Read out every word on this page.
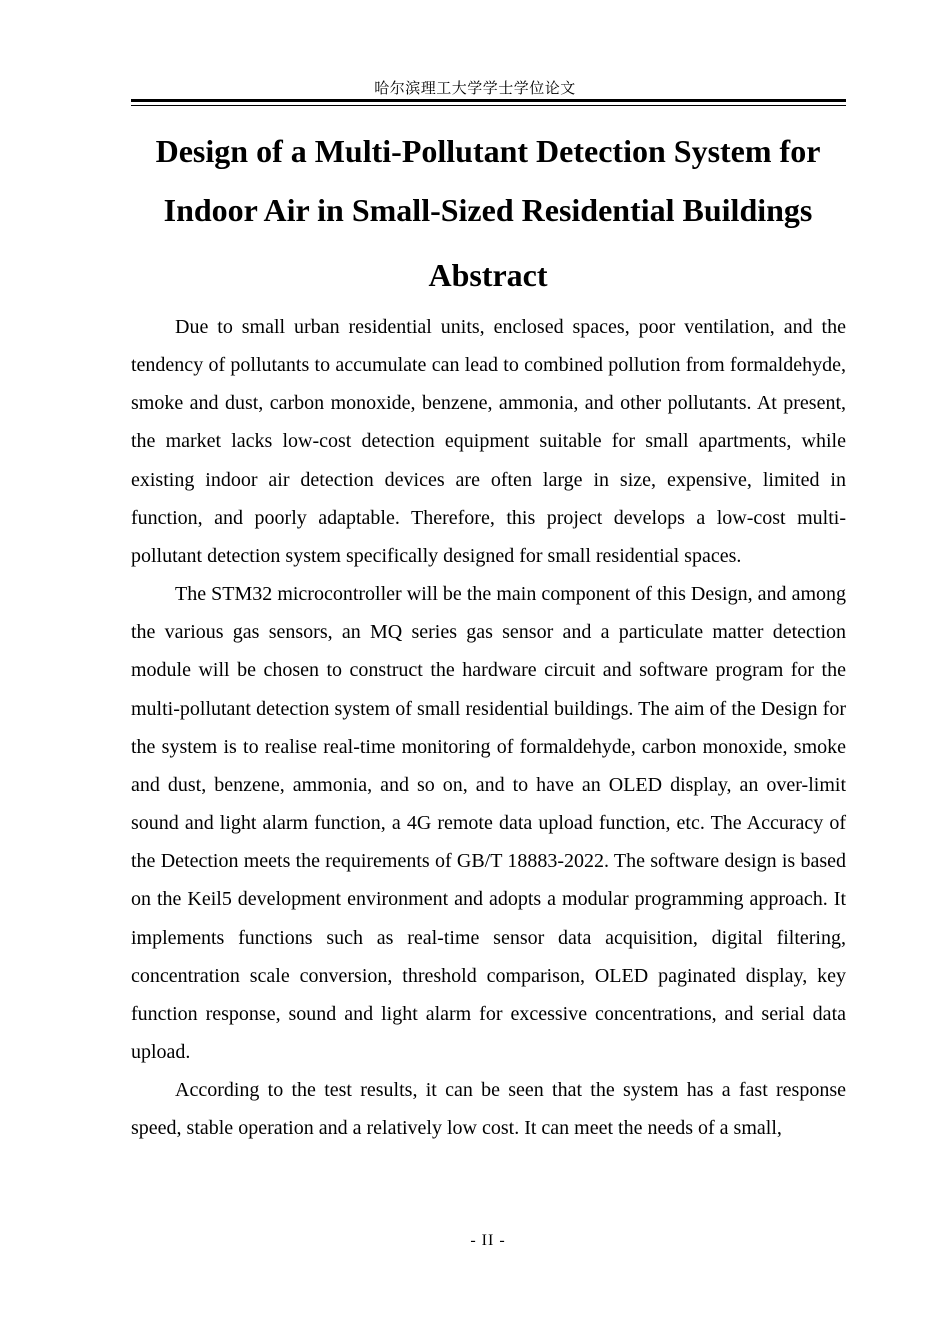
哈尔滨理工大学学士学位论文
Design of a Multi-Pollutant Detection System for
Indoor Air in Small-Sized Residential Buildings
Abstract

Due to small urban residential units, enclosed spaces, poor ventilation, and the tendency of pollutants to accumulate can lead to combined pollution from formaldehyde, smoke and dust, carbon monoxide, benzene, ammonia, and other pollutants. At present, the market lacks low-cost detection equipment suitable for small apartments, while existing indoor air detection devices are often large in size, expensive, limited in function, and poorly adaptable. Therefore, this project develops a low-cost multi-pollutant detection system specifically designed for small residential spaces.

The STM32 microcontroller will be the main component of this Design, and among the various gas sensors, an MQ series gas sensor and a particulate matter detection module will be chosen to construct the hardware circuit and software program for the multi-pollutant detection system of small residential buildings. The aim of the Design for the system is to realise real-time monitoring of formaldehyde, carbon monoxide, smoke and dust, benzene, ammonia, and so on, and to have an OLED display, an over-limit sound and light alarm function, a 4G remote data upload function, etc. The Accuracy of the Detection meets the requirements of GB/T 18883-2022. The software design is based on the Keil5 development environment and adopts a modular programming approach. It implements functions such as real-time sensor data acquisition, digital filtering, concentration scale conversion, threshold comparison, OLED paginated display, key function response, sound and light alarm for excessive concentrations, and serial data upload.

According to the test results, it can be seen that the system has a fast response speed, stable operation and a relatively low cost. It can meet the needs of a small,

- II -
